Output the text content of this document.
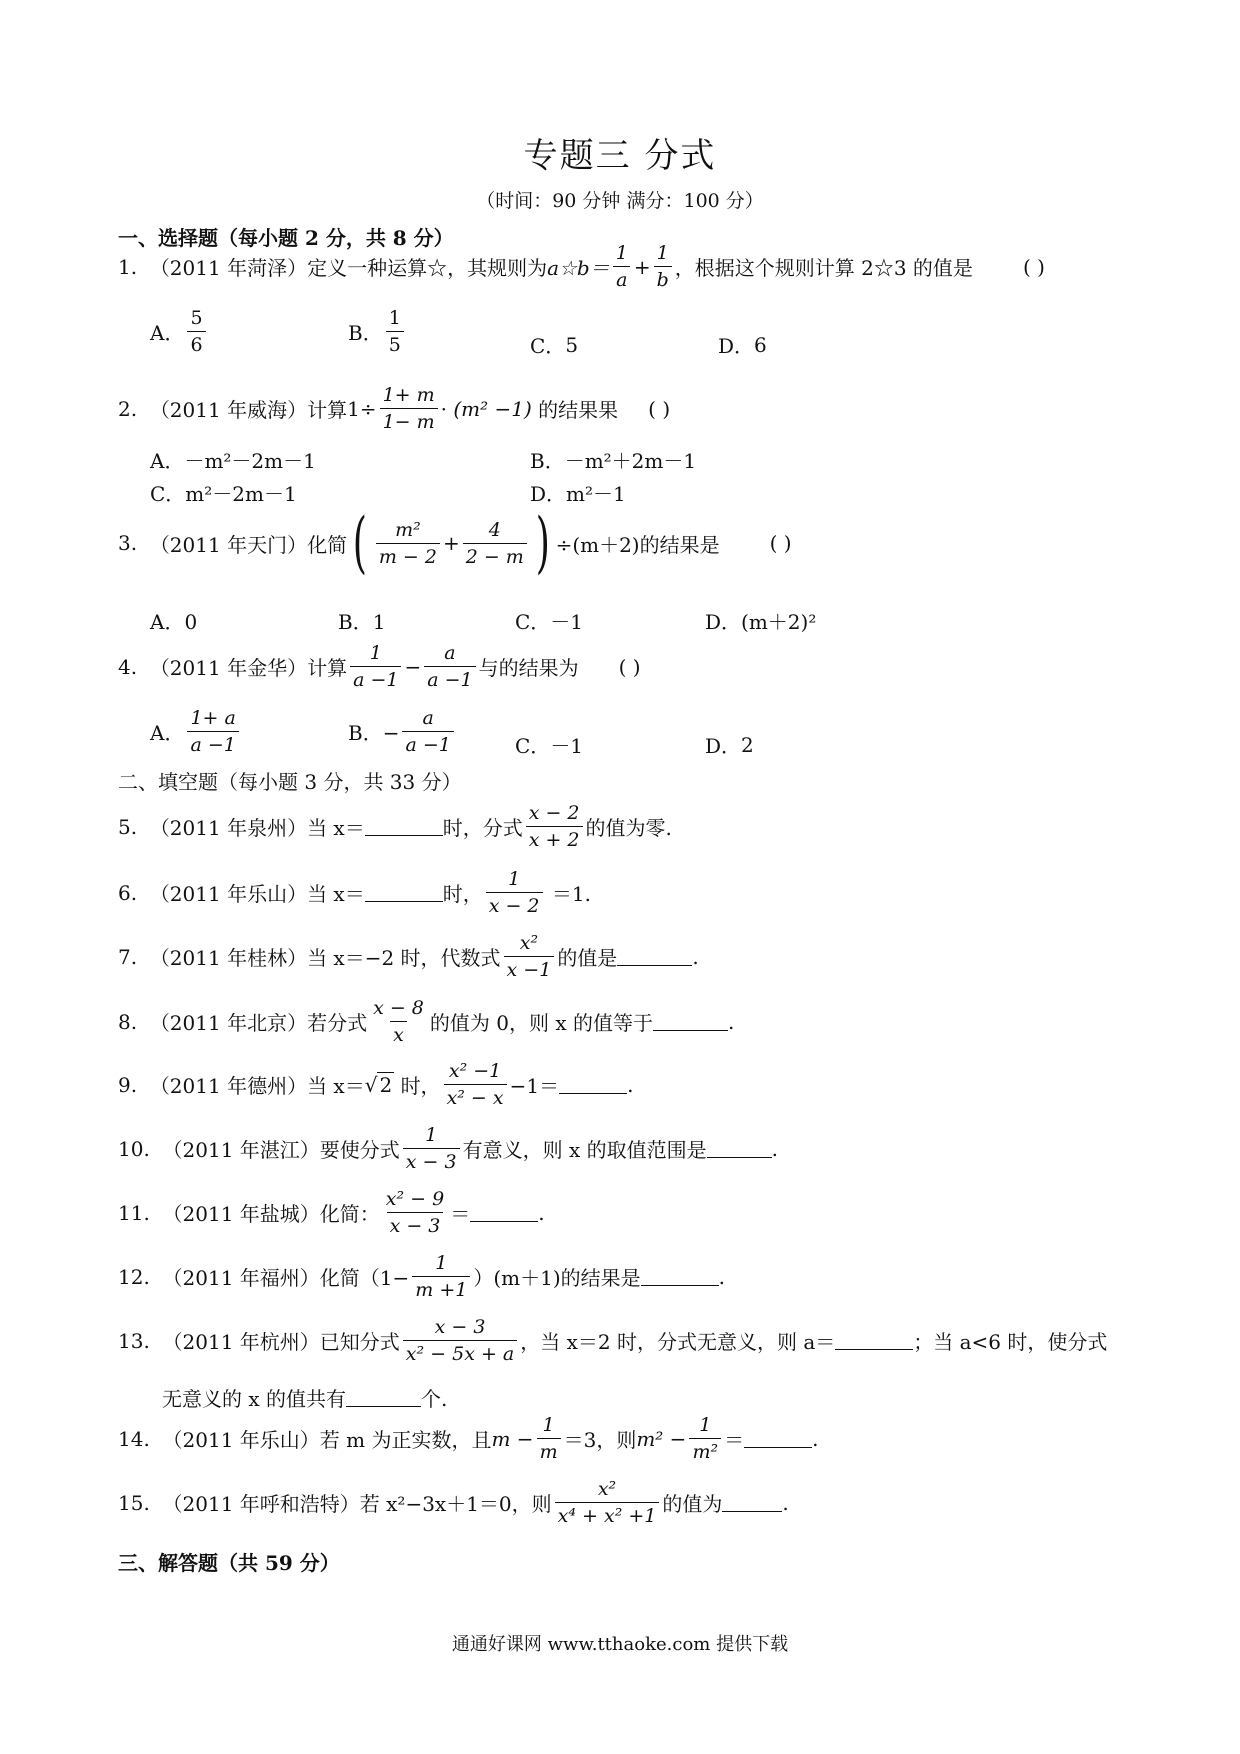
专题三 分式
（时间：90 分钟 满分：100 分）
一、选择题（每小题 2 分，共 8 分）
1.
（2011 年菏泽）定义一种运算☆，其规则为 a☆b＝ $\frac{1}{a} + \frac{1}{b}$ ，根据这个规则计算 2☆3 的值是	( )
A． $\frac{5}{6}$	B． $\frac{1}{5}$	C． 5	D． 6
2.
（2011 年威海）计算 $1\div \frac{1+ m}{1- m}$ ·
(m² −1)
的结果果 ( )
A．－m²－2m－1	B．－m²＋2m－1
C．m²－2m－1	D．m²－1
3.
（2011 年天门）化简 ( $\frac{\text{m²}}{m - 2} + \frac{4}{2 - m}$ ) ÷(m＋2)的结果是	( )
A．0	B．1	C．－1	D．(m＋2)²
4.
（2011 年金华）计算 $\frac{1}{a -1} - \frac{a}{a -1}$ 与的结果为 ( )
A． $\frac{1+ a}{a -1}$	B．− $\frac{a}{a -1}$	C． －1	D． 2
二、填空题（每小题 3 分，共 33 分）
5.
（2011 年泉州）当 x＝	时，分式 $\frac{x - 2}{x + 2}$ 的值为零.
6.
（2011 年乐山）当 x＝	时， $\frac{1}{x - 2}$
＝1.
7.
（2011 年桂林）当 x＝−2 时，代数式 $\frac{\text{x²}}{x -1}$ 的值是	.
8.
（2011 年北京）若分式 $\frac{x - 8}{x}$ 的值为 0，则 x 的值等于	.
9.
（2011 年德州）当 x＝ √ 2
时， $\frac{\text{x² −1}}{\text{x² − x}} -1=$	.
10.
（2011 年湛江）要使分式 $\frac{1}{x - 3}$ 有意义，则 x 的取值范围是	.
11.
（2011 年盐城）化简： $\frac{\text{x² − 9}}{x - 3}$ ＝	.
12.
（2011 年福州）化简$(1- \frac{1}{m +1} )(m+1)$的结果是	.
13.
（2011 年杭州）已知分式 $\frac{x - 3}{\text{x² − 5x + a}}$ ，当 x＝2 时，分式无意义，则 a＝	；当 a<6 时，使分式
无意义的 x 的值共有	个.
14.
（2011 年乐山）若 m 为正实数，且 $m - \frac{1}{m} =3$，则 $m^2 - \frac{1}{\text{m²}}$ ＝	.
15.
（2011 年呼和浩特）若 x²−3x＋1＝0，则 $\frac{\text{x²}}{\text{x⁴ + x² +1}}$ 的值为	.
三、解答题（共 59 分）
通通好课网 www.tthaoke.com 提供下载
